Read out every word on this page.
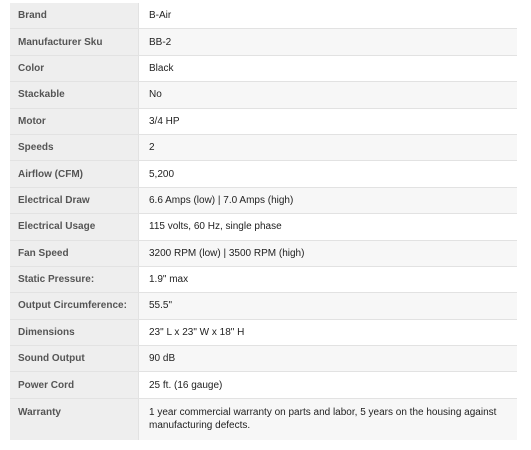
Brand	B-Air
Manufacturer Sku	BB-2
Color	Black
Stackable	No
Motor	3/4 HP
Speeds	2
Airflow (CFM)	5,200
Electrical Draw	6.6 Amps (low) | 7.0 Amps (high)
Electrical Usage	115 volts, 60 Hz, single phase
Fan Speed	3200 RPM (low) | 3500 RPM (high)
Static Pressure:	1.9" max
Output Circumference:	55.5"
Dimensions	23" L x 23" W x 18" H
Sound Output	90 dB
Power Cord	25 ft. (16 gauge)
Warranty	1 year commercial warranty on parts and labor, 5 years on the housing against manufacturing defects.
